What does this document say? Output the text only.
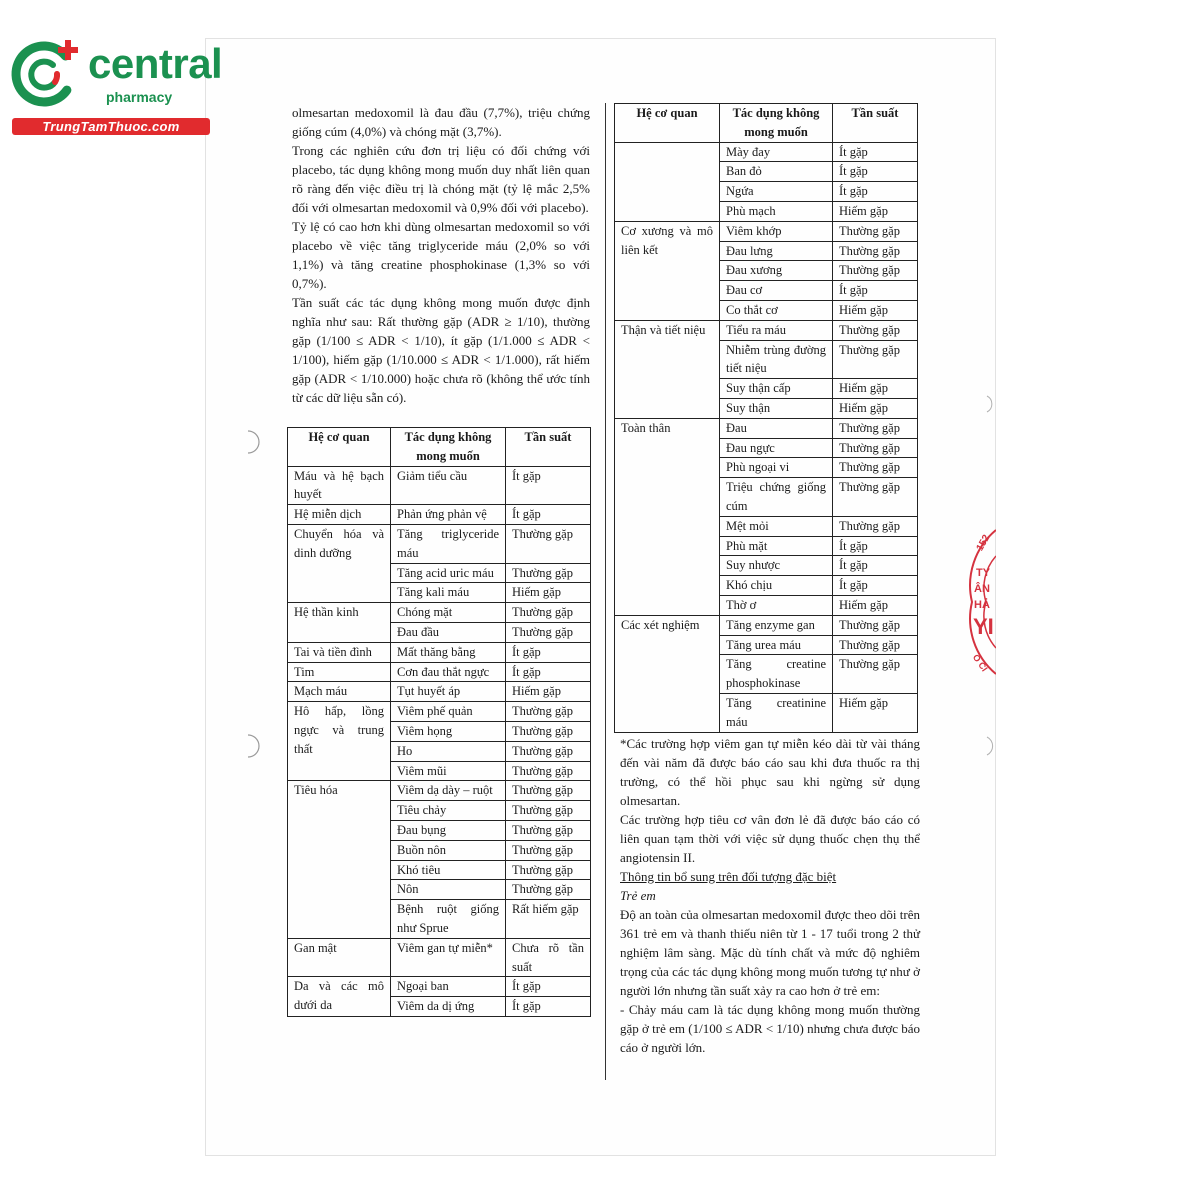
central
pharmacy
TrungTamThuoc.com

olmesartan medoxomil là đau đầu (7,7%), triệu chứng giống cúm (4,0%) và chóng mặt (3,7%).

Trong các nghiên cứu đơn trị liệu có đối chứng với placebo, tác dụng không mong muốn duy nhất liên quan rõ ràng đến việc điều trị là chóng mặt (tỷ lệ mắc 2,5% đối với olmesartan medoxomil và 0,9% đối với placebo).

Tỷ lệ có cao hơn khi dùng olmesartan medoxomil so với placebo về việc tăng triglyceride máu (2,0% so với 1,1%) và tăng creatine phosphokinase (1,3% so với 0,7%).

Tần suất các tác dụng không mong muốn được định nghĩa như sau: Rất thường gặp (ADR ≥ 1/10), thường gặp (1/100 ≤ ADR < 1/10), ít gặp (1/1.000 ≤ ADR < 1/100), hiếm gặp (1/10.000 ≤ ADR < 1/1.000), rất hiếm gặp (ADR < 1/10.000) hoặc chưa rõ (không thể ước tính từ các dữ liệu sẵn có).

Hệ cơ quan	Tác dụng không mong muốn	Tần suất
Máu và hệ bạch huyết	Giảm tiểu cầu	Ít gặp
Hệ miễn dịch	Phản ứng phản vệ	Ít gặp
Chuyển hóa và dinh dưỡng	Tăng triglyceride máu	Thường gặp
	Tăng acid uric máu	Thường gặp
	Tăng kali máu	Hiếm gặp
Hệ thần kinh	Chóng mặt	Thường gặp
	Đau đầu	Thường gặp
Tai và tiền đình	Mất thăng bằng	Ít gặp
Tim	Cơn đau thắt ngực	Ít gặp
Mạch máu	Tụt huyết áp	Hiếm gặp
Hô hấp, lồng ngực và trung thất	Viêm phế quản	Thường gặp
	Viêm họng	Thường gặp
	Ho	Thường gặp
	Viêm mũi	Thường gặp
Tiêu hóa	Viêm dạ dày – ruột	Thường gặp
	Tiêu chảy	Thường gặp
	Đau bụng	Thường gặp
	Buồn nôn	Thường gặp
	Khó tiêu	Thường gặp
	Nôn	Thường gặp
	Bệnh ruột giống như Sprue	Rất hiếm gặp
Gan mật	Viêm gan tự miễn*	Chưa rõ tần suất
Da và các mô dưới da	Ngoại ban	Ít gặp
	Viêm da dị ứng	Ít gặp
Hệ cơ quan	Tác dụng không mong muốn	Tần suất
	Mày đay	Ít gặp
	Ban đỏ	Ít gặp
	Ngứa	Ít gặp
	Phù mạch	Hiếm gặp
Cơ xương và mô liên kết	Viêm khớp	Thường gặp
	Đau lưng	Thường gặp
	Đau xương	Thường gặp
	Đau cơ	Ít gặp
	Co thắt cơ	Hiếm gặp
Thận và tiết niệu	Tiểu ra máu	Thường gặp
	Nhiễm trùng đường tiết niệu	Thường gặp
	Suy thận cấp	Hiếm gặp
	Suy thận	Hiếm gặp
Toàn thân	Đau	Thường gặp
	Đau ngực	Thường gặp
	Phù ngoại vi	Thường gặp
	Triệu chứng giống cúm	Thường gặp
	Mệt mỏi	Thường gặp
	Phù mặt	Ít gặp
	Suy nhược	Ít gặp
	Khó chịu	Ít gặp
	Thờ ơ	Hiếm gặp
Các xét nghiệm	Tăng enzyme gan	Thường gặp
	Tăng urea máu	Thường gặp
	Tăng creatine phosphokinase	Thường gặp
	Tăng creatinine máu	Hiếm gặp

*Các trường hợp viêm gan tự miễn kéo dài từ vài tháng đến vài năm đã được báo cáo sau khi đưa thuốc ra thị trường, có thể hồi phục sau khi ngừng sử dụng olmesartan.

Các trường hợp tiêu cơ vân đơn lẻ đã được báo cáo có liên quan tạm thời với việc sử dụng thuốc chẹn thụ thể angiotensin II.

Thông tin bổ sung trên đối tượng đặc biệt

Trẻ em

Độ an toàn của olmesartan medoxomil được theo dõi trên 361 trẻ em và thanh thiếu niên từ 1 - 17 tuổi trong 2 thử nghiệm lâm sàng. Mặc dù tính chất và mức độ nghiêm trọng của các tác dụng không mong muốn tương tự như ở người lớn nhưng tần suất xảy ra cao hơn ở trẻ em:

- Chảy máu cam là tác dụng không mong muốn thường gặp ở trẻ em (1/100 ≤ ADR < 1/10) nhưng chưa được báo cáo ở người lớn.

152
TY
ÂN
HẢ
YI
Ô CI
